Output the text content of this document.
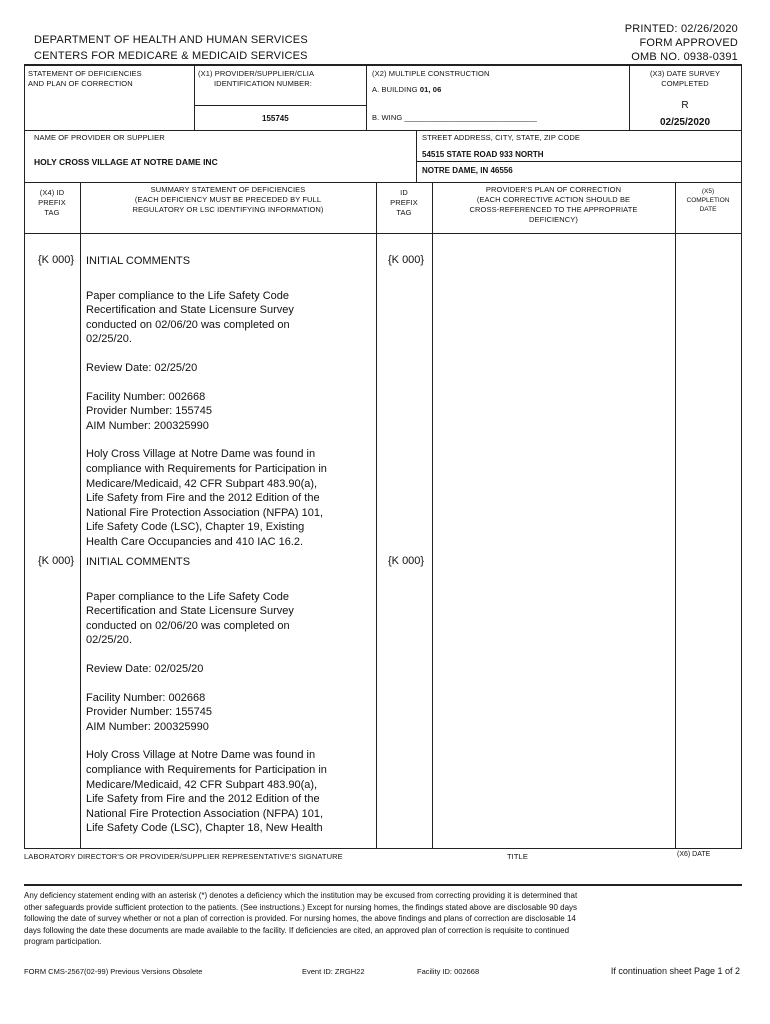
DEPARTMENT OF HEALTH AND HUMAN SERVICES
CENTERS FOR MEDICARE & MEDICAID SERVICES
PRINTED: 02/26/2020
FORM APPROVED
OMB NO. 0938-0391
STATEMENT OF DEFICIENCIES
AND PLAN OF CORRECTION
(X1) PROVIDER/SUPPLIER/CLIA
IDENTIFICATION NUMBER:
155745
(X2) MULTIPLE CONSTRUCTION
A. BUILDING 01, 06
B. WING _______________________________
(X3) DATE SURVEY
COMPLETED
R
02/25/2020
NAME OF PROVIDER OR SUPPLIER
HOLY CROSS VILLAGE AT NOTRE DAME INC
STREET ADDRESS, CITY, STATE, ZIP CODE
54515 STATE ROAD 933 NORTH
NOTRE DAME, IN 46556
(X4) ID
PREFIX
TAG
SUMMARY STATEMENT OF DEFICIENCIES
(EACH DEFICIENCY MUST BE PRECEDED BY FULL
REGULATORY OR LSC IDENTIFYING INFORMATION)
ID
PREFIX
TAG
PROVIDER'S PLAN OF CORRECTION
(EACH CORRECTIVE ACTION SHOULD BE
CROSS-REFERENCED TO THE APPROPRIATE
DEFICIENCY)
(X5)
COMPLETION
DATE
{K 000}	{K 000}
INITIAL COMMENTS
Paper compliance to the Life Safety Code
Recertification and State Licensure Survey
conducted on 02/06/20 was completed on
02/25/20.
Review Date: 02/25/20
Facility Number: 002668
Provider Number: 155745
AIM Number: 200325990
Holy Cross Village at Notre Dame was found in
compliance with Requirements for Participation in
Medicare/Medicaid, 42 CFR Subpart 483.90(a),
Life Safety from Fire and the 2012 Edition of the
National Fire Protection Association (NFPA) 101,
Life Safety Code (LSC), Chapter 19, Existing
Health Care Occupancies and 410 IAC 16.2.
{K 000}	{K 000}
INITIAL COMMENTS
Paper compliance to the Life Safety Code
Recertification and State Licensure Survey
conducted on 02/06/20 was completed on
02/25/20.
Review Date: 02/025/20
Facility Number: 002668
Provider Number: 155745
AIM Number: 200325990
Holy Cross Village at Notre Dame was found in
compliance with Requirements for Participation in
Medicare/Medicaid, 42 CFR Subpart 483.90(a),
Life Safety from Fire and the 2012 Edition of the
National Fire Protection Association (NFPA) 101,
Life Safety Code (LSC), Chapter 18, New Health
LABORATORY DIRECTOR'S OR PROVIDER/SUPPLIER REPRESENTATIVE'S SIGNATURE	TITLE	(X6) DATE
Any deficiency statement ending with an asterisk (*) denotes a deficiency which the institution may be excused from correcting providing it is determined that
other safeguards provide sufficient protection to the patients. (See instructions.) Except for nursing homes, the findings stated above are disclosable 90 days
following the date of survey whether or not a plan of correction is provided. For nursing homes, the above findings and plans of correction are disclosable 14
days following the date these documents are made available to the facility. If deficiencies are cited, an approved plan of correction is requisite to continued
program participation.
FORM CMS-2567(02-99) Previous Versions Obsolete	Event ID: ZRGH22	Facility ID: 002668	If continuation sheet Page 1 of 2
